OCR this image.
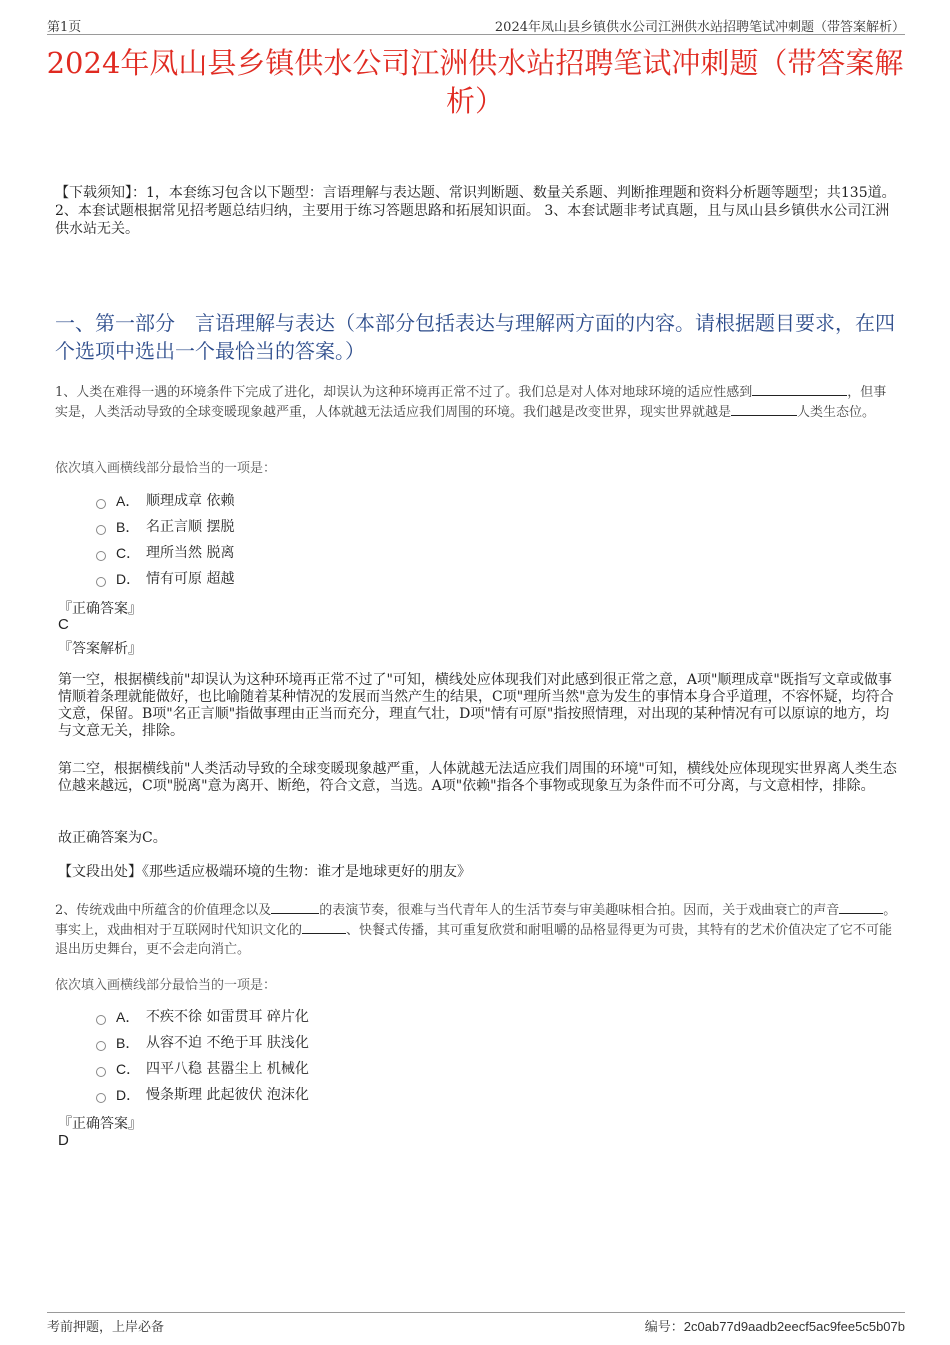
第1页	2024年凤山县乡镇供水公司江洲供水站招聘笔试冲刺题（带答案解析）
2024年凤山县乡镇供水公司江洲供水站招聘笔试冲刺题（带答案解析）
【下载须知】：1，本套练习包含以下题型：言语理解与表达题、常识判断题、数量关系题、判断推理题和资料分析题等题型；共135道。 2、本套试题根据常见招考题总结归纳，主要用于练习答题思路和拓展知识面。 3、本套试题非考试真题，且与凤山县乡镇供水公司江洲供水站无关。
一、第一部分　言语理解与表达（本部分包括表达与理解两方面的内容。请根据题目要求，在四个选项中选出一个最恰当的答案。）
1、人类在难得一遇的环境条件下完成了进化，却误认为这种环境再正常不过了。我们总是对人体对地球环境的适应性感到	，但事实是，人类活动导致的全球变暖现象越严重，人体就越无法适应我们周围的环境。我们越是改变世界，现实世界就越是	人类生态位。
依次填入画横线部分最恰当的一项是：
A． 顺理成章 依赖
B． 名正言顺 摆脱
C． 理所当然 脱离
D． 情有可原 超越
『正确答案』
C
『答案解析』
第一空，根据横线前"却误认为这种环境再正常不过了"可知，横线处应体现我们对此感到很正常之意，A项"顺理成章"既指写文章或做事情顺着条理就能做好，也比喻随着某种情况的发展而当然产生的结果，C项"理所当然"意为发生的事情本身合乎道理，不容怀疑，均符合文意，保留。B项"名正言顺"指做事理由正当而充分，理直气壮，D项"情有可原"指按照情理，对出现的某种情况有可以原谅的地方，均与文意无关，排除。
第二空，根据横线前"人类活动导致的全球变暖现象越严重，人体就越无法适应我们周围的环境"可知，横线处应体现现实世界离人类生态位越来越远，C项"脱离"意为离开、断绝，符合文意，当选。A项"依赖"指各个事物或现象互为条件而不可分离，与文意相悖，排除。
故正确答案为C。
【文段出处】《那些适应极端环境的生物：谁才是地球更好的朋友》
2、传统戏曲中所蕴含的价值理念以及	的表演节奏，很难与当代青年人的生活节奏与审美趣味相合拍。因而，关于戏曲衰亡的声音	。事实上，戏曲相对于互联网时代知识文化的	、快餐式传播，其可重复欣赏和耐咀嚼的品格显得更为可贵，其特有的艺术价值决定了它不可能退出历史舞台，更不会走向消亡。
依次填入画横线部分最恰当的一项是：
A． 不疾不徐 如雷贯耳 碎片化
B． 从容不迫 不绝于耳 肤浅化
C． 四平八稳 甚嚣尘上 机械化
D． 慢条斯理 此起彼伏 泡沫化
『正确答案』
D
考前押题，上岸必备	编号：2c0ab77d9aadb2eecf5ac9fee5c5b07b
